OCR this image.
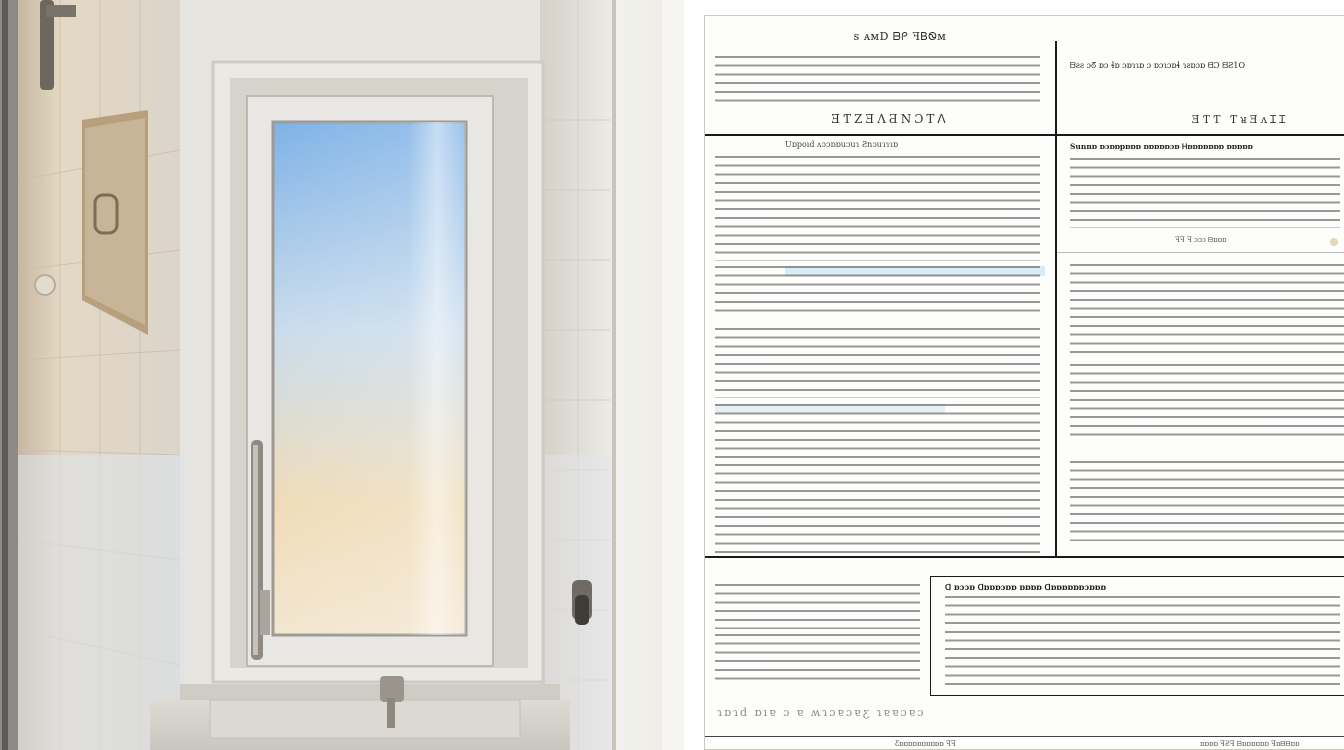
ꜱ ᴀᴍD ᗷᑭ ꟻᏴᏫᴍ
ƎƬZƎΛƋNƆTᐱ
ᗷƨƨ ɔᘔ ɒɔ ɬɒ ɔɒɿɿɒ ɔ ɒɔɿɔɒɬ ɿƨɒɔɒ ᗺƆ ᗺƧ1Ο
ƎƬƬ ƬᴚƎᴧꞮꞮ
Uɒpoıd ʌɔɔɒɒuɔuɿ Ƨnɔuɿɿɿɒ	Sunnɒ ɒɔɒɒpɒɒɒ ɒɒɒɒɒɔɒ Ꮋɒɒɒɒɒɒɒ ɒɒɒɒɒ
ꟻꟻ ꟻ ɔɔɔ ᗷɒɒɒ
ᗡ ɒɔɔɒ ᗡɒɒɒɔɒɒ ɒɒɒɒ ᗡɒɒɒɒɒɒɔɒɒɒ
ɿɒɿd ɒıɐ ɔ ɐ ʍɿɔɐɔɐƹ ɿɐɐɔɐɔ
Ƹɒɒɒɒɒɒɒɒɒɒ ꟻꟻ	ɒɒɒɒ ꟻƧꟻ ᗷɒɒɒɒɒɒ ꟻɒᗷᗷɒɒ
